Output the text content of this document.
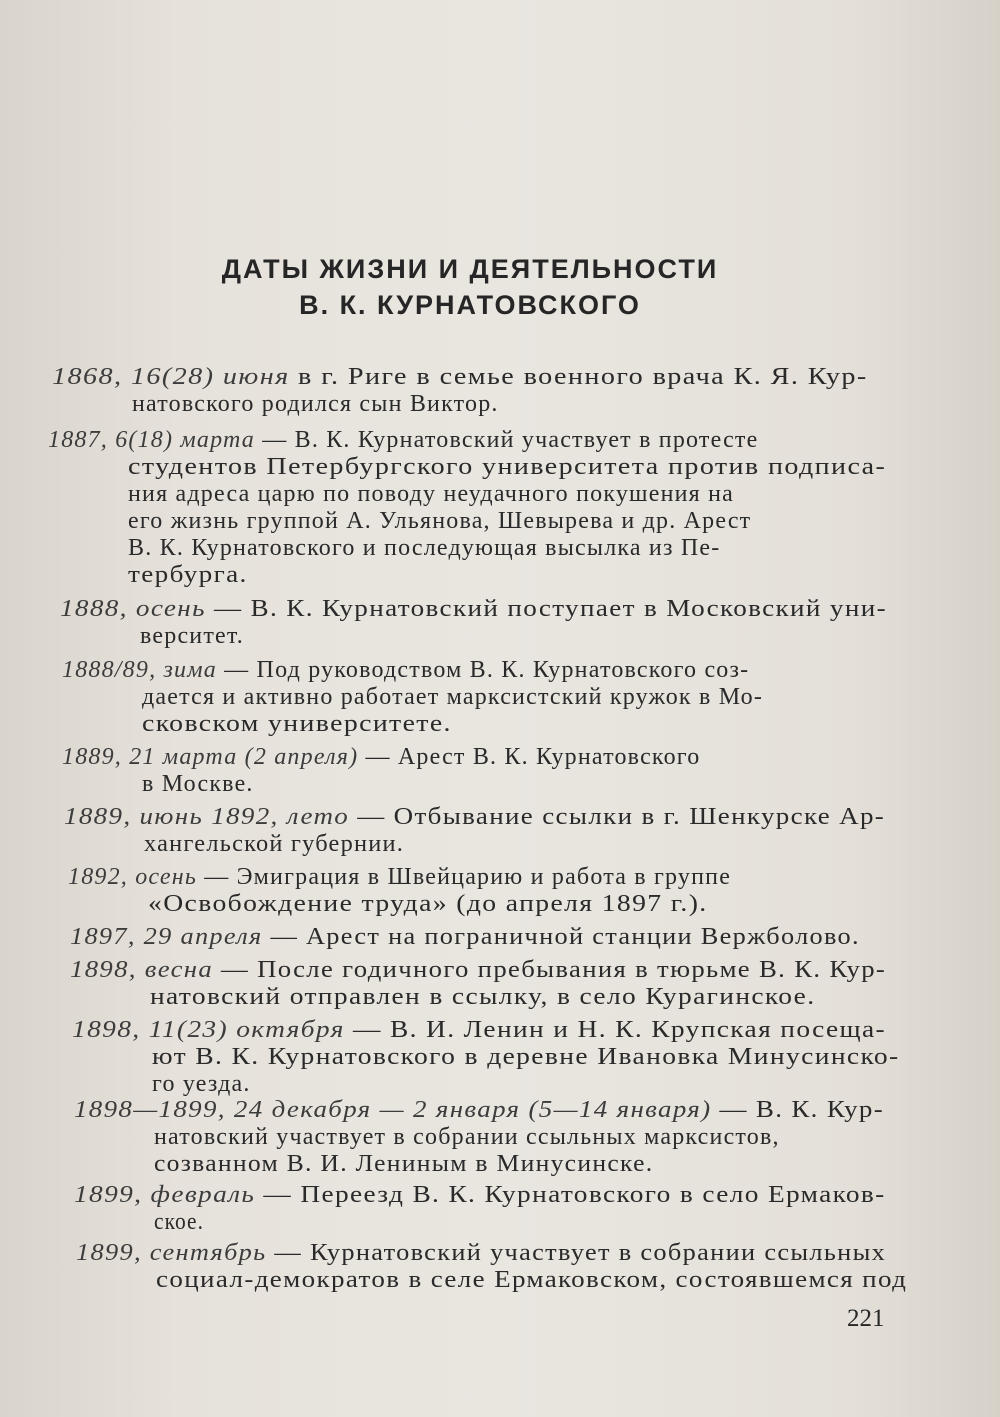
ДАТЫ ЖИЗНИ И ДЕЯТЕЛЬНОСТИ
В. К. КУРНАТОВСКОГО
1868, 16(28) июня в г. Риге в семье военного врача К. Я. Кур-
натовского родился сын Виктор.
1887, 6(18) марта — В. К. Курнатовский участвует в протесте
студентов Петербургского университета против подписа-
ния адреса царю по поводу неудачного покушения на
его жизнь группой А. Ульянова, Шевырева и др. Арест
В. К. Курнатовского и последующая высылка из Пе-
тербурга.
1888, осень — В. К. Курнатовский поступает в Московский уни-
верситет.
1888/89, зима — Под руководством В. К. Курнатовского соз-
дается и активно работает марксистский кружок в Мо-
сковском университете.
1889, 21 марта (2 апреля) — Арест В. К. Курнатовского
в Москве.
1889, июнь 1892, лето — Отбывание ссылки в г. Шенкурске Ар-
хангельской губернии.
1892, осень — Эмиграция в Швейцарию и работа в группе
«Освобождение труда» (до апреля 1897 г.).
1897, 29 апреля — Арест на пограничной станции Вержболово.
1898, весна — После годичного пребывания в тюрьме В. К. Кур-
натовский отправлен в ссылку, в село Курагинское.
1898, 11(23) октября — В. И. Ленин и Н. К. Крупская посеща-
ют В. К. Курнатовского в деревне Ивановка Минусинско-
го уезда.
1898—1899, 24 декабря — 2 января (5—14 января) — В. К. Кур-
натовский участвует в собрании ссыльных марксистов,
созванном В. И. Лениным в Минусинске.
1899, февраль — Переезд В. К. Курнатовского в село Ермаков-
ское.
1899, сентябрь — Курнатовский участвует в собрании ссыльных
социал-демократов в селе Ермаковском, состоявшемся под
221
